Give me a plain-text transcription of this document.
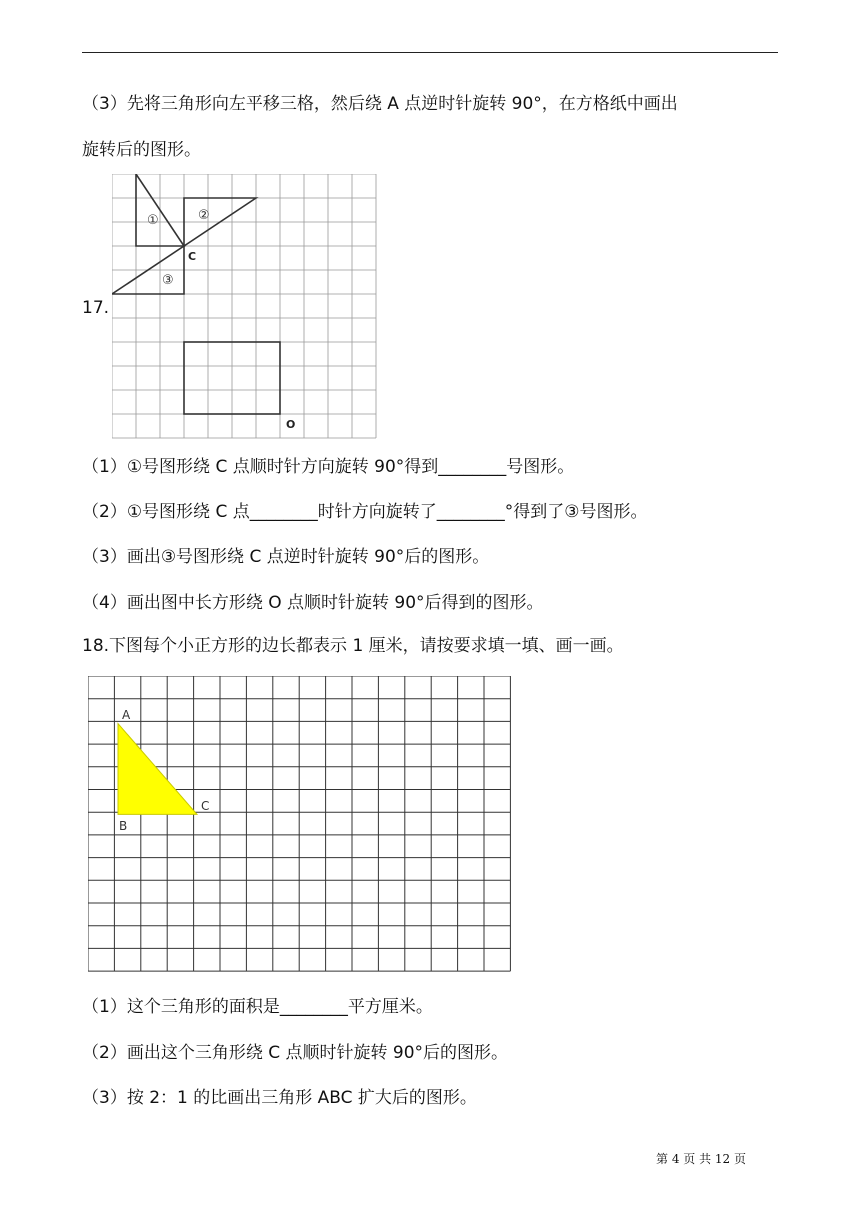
（3）先将三角形向左平移三格，然后绕 A 点逆时针旋转 90°，在方格纸中画出
旋转后的图形。
17.
①	②
③
C
O
（1）①号图形绕 C 点顺时针方向旋转 90°得到________号图形。
（2）①号图形绕 C 点________时针方向旋转了________°得到了③号图形。
（3）画出③号图形绕 C 点逆时针旋转 90°后的图形。
（4）画出图中长方形绕 O 点顺时针旋转 90°后得到的图形。
18.下图每个小正方形的边长都表示 1 厘米，请按要求填一填、画一画。
A
B
C
（1）这个三角形的面积是________平方厘米。
（2）画出这个三角形绕 C 点顺时针旋转 90°后的图形。
（3）按 2：1 的比画出三角形 ABC 扩大后的图形。
第 4 页 共 12 页
